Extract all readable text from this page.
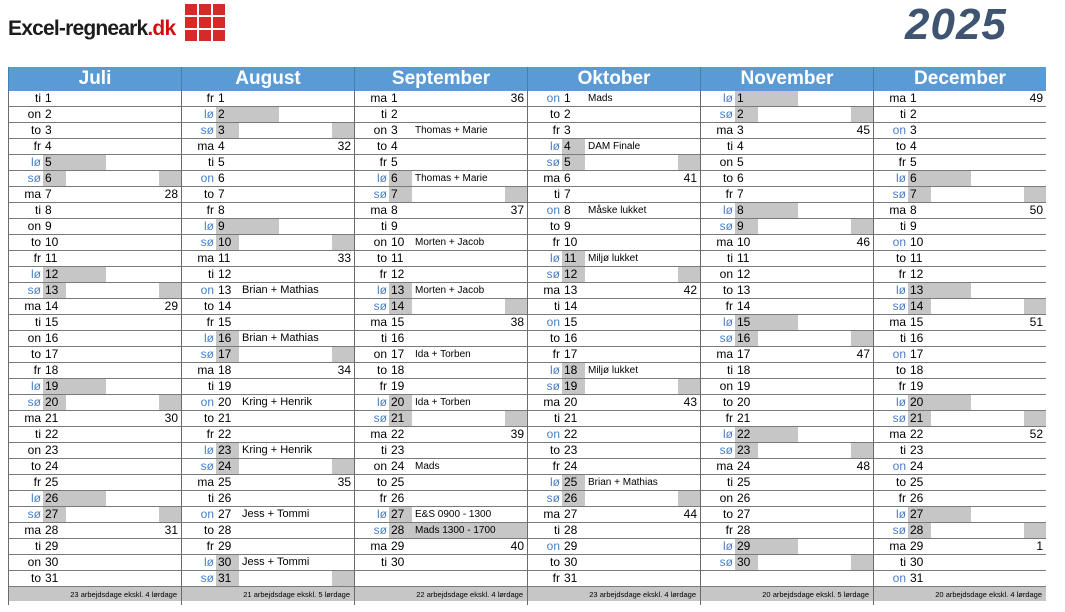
Excel-regneark.dk	2025
Juli
ti 1
on 2
to 3
fr 4
lø 5
sø 6
ma 7	28
ti 8
on 9
to 10
fr 11
lø 12
sø 13
ma 14	29
ti 15
on 16
to 17
fr 18
lø 19
sø 20
ma 21	30
ti 22
on 23
to 24
fr 25
lø 26
sø 27
ma 28	31
ti 29
on 30
to 31
23 arbejdsdage ekskl. 4 lørdage
August
fr 1
lø 2
sø 3
ma 4	32
ti 5
on 6
to 7
fr 8
lø 9
sø 10
ma 11	33
ti 12
on 13 Brian + Mathias
to 14
fr 15
lø 16 Brian + Mathias
sø 17
ma 18	34
ti 19
on 20 Kring + Henrik
to 21
fr 22
lø 23 Kring + Henrik
sø 24
ma 25	35
ti 26
on 27 Jess + Tommi
to 28
fr 29
lø 30 Jess + Tommi
sø 31
21 arbejdsdage ekskl. 5 lørdage
September
ma 1	36
ti 2
on 3	Thomas + Marie
to 4
fr 5
lø 6	Thomas + Marie
sø 7
ma 8	37
ti 9
on 10	Morten + Jacob
to 11
fr 12
lø 13	Morten + Jacob
sø 14
ma 15	38
ti 16
on 17	Ida + Torben
to 18
fr 19
lø 20	Ida + Torben
sø 21
ma 22	39
ti 23
on 24	Mads
to 25
fr 26
lø 27	E&S 0900 - 1300
sø 28	Mads 1300 - 1700
ma 29	40
ti 30
22 arbejdsdage ekskl. 4 lørdage
Oktober
on 1	Mads
to 2
fr 3
lø 4	DAM Finale
sø 5
ma 6	41
ti 7
on 8	Måske lukket
to 9
fr 10
lø 11	Miljø lukket
sø 12
ma 13	42
ti 14
on 15
to 16
fr 17
lø 18	Miljø lukket
sø 19
ma 20	43
ti 21
on 22
to 23
fr 24
lø 25	Brian + Mathias
sø 26
ma 27	44
ti 28
on 29
to 30
fr 31
23 arbejdsdage ekskl. 4 lørdage
November
lø 1
sø 2
ma 3	45
ti 4
on 5
to 6
fr 7
lø 8
sø 9
ma 10	46
ti 11
on 12
to 13
fr 14
lø 15
sø 16
ma 17	47
ti 18
on 19
to 20
fr 21
lø 22
sø 23
ma 24	48
ti 25
on 26
to 27
fr 28
lø 29
sø 30
20 arbejdsdage ekskl. 5 lørdage
December
ma 1	49
ti 2
on 3
to 4
fr 5
lø 6
sø 7
ma 8	50
ti 9
on 10
to 11
fr 12
lø 13
sø 14
ma 15	51
ti 16
on 17
to 18
fr 19
lø 20
sø 21
ma 22	52
ti 23
on 24
to 25
fr 26
lø 27
sø 28
ma 29	1
ti 30
on 31
20 arbejdsdage ekskl. 4 lørdage
